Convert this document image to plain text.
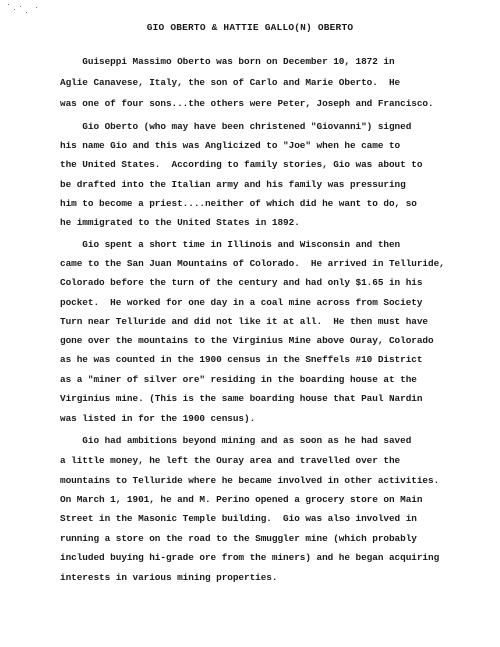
GIO OBERTO & HATTIE GALLO(N) OBERTO
Guiseppi Massimo Oberto was born on December 10, 1872 in
Aglie Canavese, Italy, the son of Carlo and Marie Oberto.  He
was one of four sons...the others were Peter, Joseph and Francisco.
Gio Oberto (who may have been christened "Giovanni") signed
his name Gio and this was Anglicized to "Joe" when he came to
the United States.  According to family stories, Gio was about to
be drafted into the Italian army and his family was pressuring
him to become a priest....neither of which did he want to do, so
he immigrated to the United States in 1892.
Gio spent a short time in Illinois and Wisconsin and then
came to the San Juan Mountains of Colorado.  He arrived in Telluride,
Colorado before the turn of the century and had only $1.65 in his
pocket.  He worked for one day in a coal mine across from Society
Turn near Telluride and did not like it at all.  He then must have
gone over the mountains to the Virginius Mine above Ouray, Colorado
as he was counted in the 1900 census in the Sneffels #10 District
as a "miner of silver ore" residing in the boarding house at the
Virginius mine. (This is the same boarding house that Paul Nardin
was listed in for the 1900 census).
Gio had ambitions beyond mining and as soon as he had saved
a little money, he left the Ouray area and travelled over the
mountains to Telluride where he became involved in other activities.
On March 1, 1901, he and M. Perino opened a grocery store on Main
Street in the Masonic Temple building.  Gio was also involved in
running a store on the road to the Smuggler mine (which probably
included buying hi-grade ore from the miners) and he began acquiring
interests in various mining properties.
